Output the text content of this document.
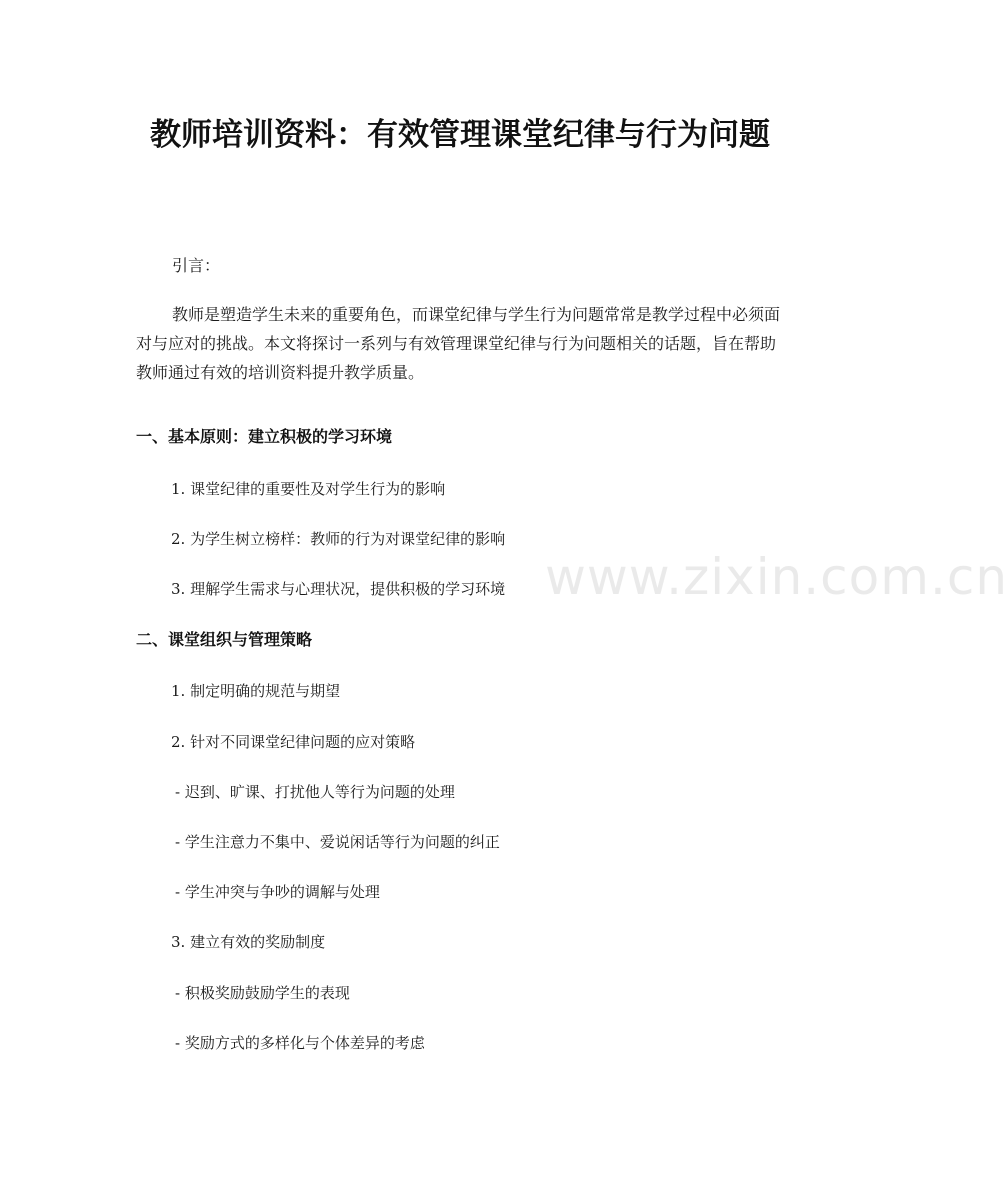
教师培训资料：有效管理课堂纪律与行为问题

引言：

教师是塑造学生未来的重要角色，而课堂纪律与学生行为问题常常是教学过程中必须面对与应对的挑战。本文将探讨一系列与有效管理课堂纪律与行为问题相关的话题，旨在帮助教师通过有效的培训资料提升教学质量。

一、基本原则：建立积极的学习环境

1. 课堂纪律的重要性及对学生行为的影响

2. 为学生树立榜样：教师的行为对课堂纪律的影响

3. 理解学生需求与心理状况，提供积极的学习环境

二、课堂组织与管理策略

1. 制定明确的规范与期望

2. 针对不同课堂纪律问题的应对策略

- 迟到、旷课、打扰他人等行为问题的处理

- 学生注意力不集中、爱说闲话等行为问题的纠正

- 学生冲突与争吵的调解与处理

3. 建立有效的奖励制度

- 积极奖励鼓励学生的表现

- 奖励方式的多样化与个体差异的考虑

www.zixin.com.cn
